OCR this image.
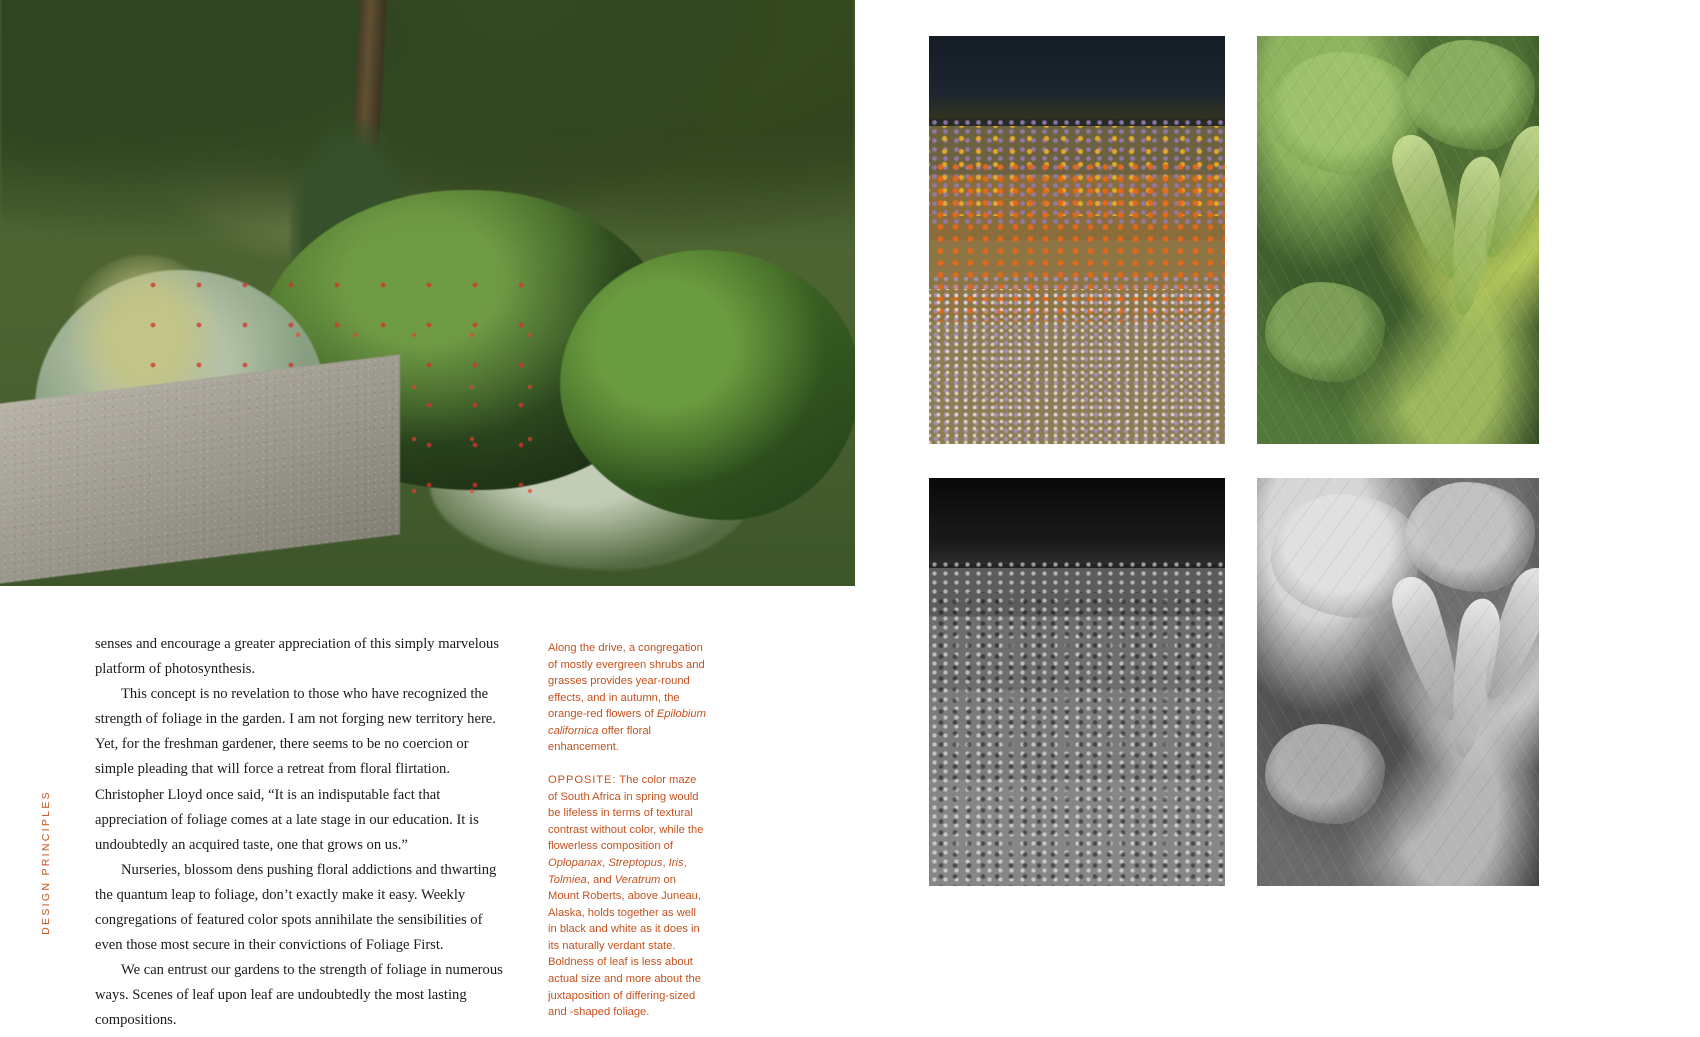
senses and encourage a greater appreciation of this simply marvelous platform of photosynthesis.

This concept is no revelation to those who have recognized the strength of foliage in the garden. I am not forging new territory here. Yet, for the freshman gardener, there seems to be no coercion or simple pleading that will force a retreat from floral flirtation. Christopher Lloyd once said, “It is an indisputable fact that appreciation of foliage comes at a late stage in our education. It is undoubtedly an acquired taste, one that grows on us.”

Nurseries, blossom dens pushing floral addictions and thwarting the quantum leap to foliage, don’t exactly make it easy. Weekly congregations of featured color spots annihilate the sensibilities of even those most secure in their convictions of Foliage First.

We can entrust our gardens to the strength of foliage in numerous ways. Scenes of leaf upon leaf are undoubtedly the most lasting compositions.

Along the drive, a congregation of mostly evergreen shrubs and grasses provides year-round effects, and in autumn, the orange-red flowers of Epilobium californica offer floral enhancement.

OPPOSITE: The color maze of South Africa in spring would be lifeless in terms of textural contrast without color, while the flowerless composition of Oplopanax, Streptopus, Iris, Tolmiea, and Veratrum on Mount Roberts, above Juneau, Alaska, holds together as well in black and white as it does in its naturally verdant state. Boldness of leaf is less about actual size and more about the juxtaposition of differing-sized and -shaped foliage.

DESIGN PRINCIPLES
